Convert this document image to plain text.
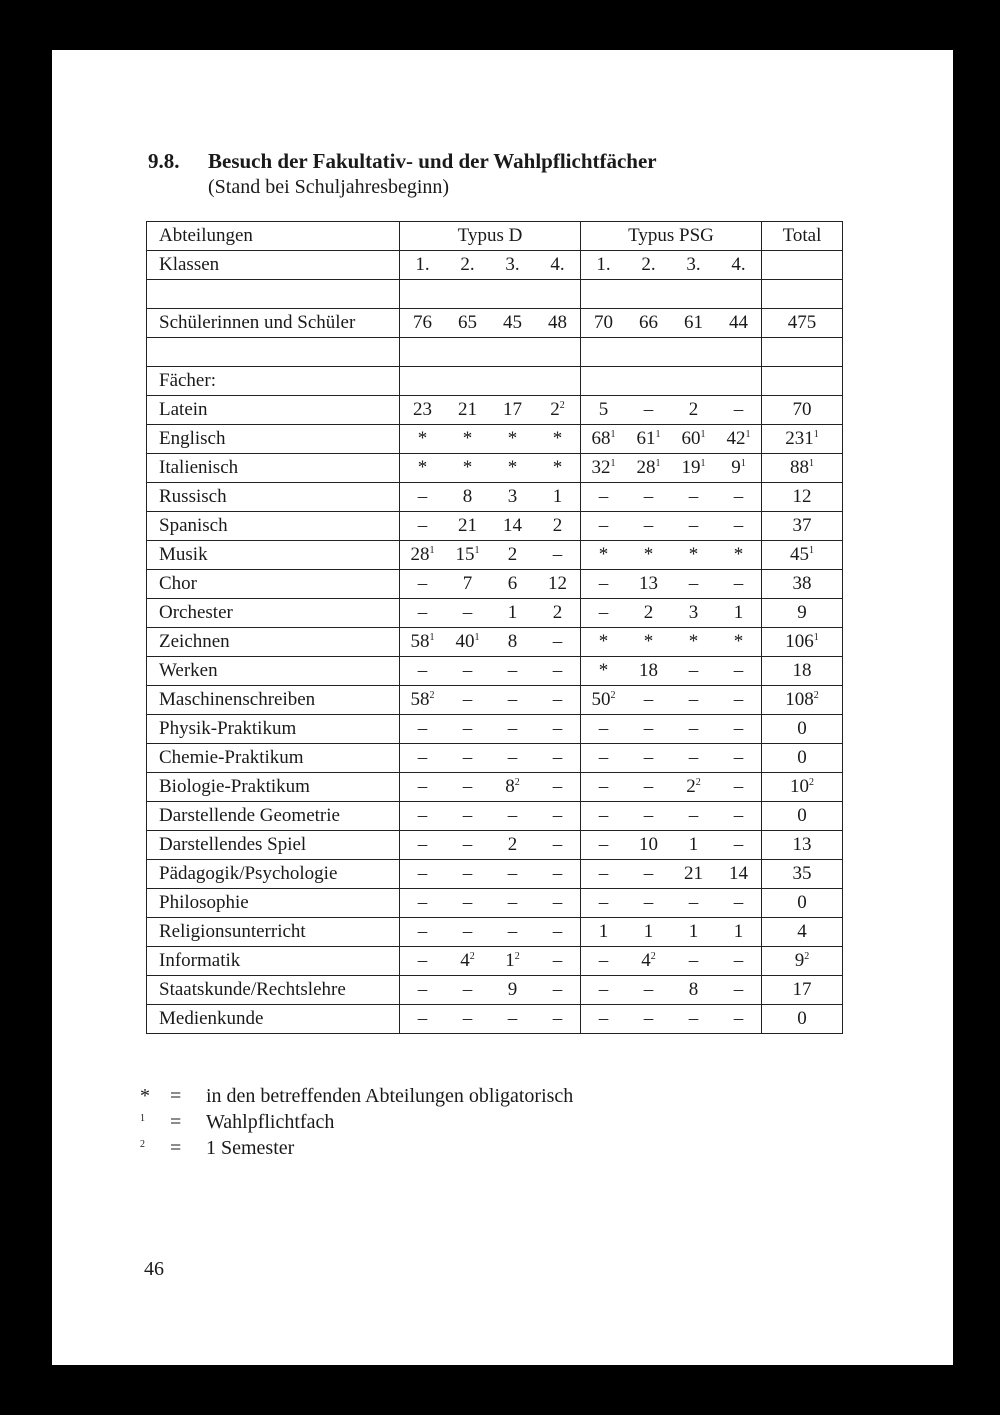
9.8. Besuch der Fakultativ- und der Wahlpflichtfächer
(Stand bei Schuljahresbeginn)
Abteilungen	Typus D				Typus PSG				Total
Klassen	1.	2.	3.	4.	1.	2.	3.	4.	

Schülerinnen und Schüler	76	65	45	48	70	66	61	44	475

Fächer:									
Latein	23	21	17	$2^2$	5	–	2	–	70
Englisch	*	*	*	*	$68^1$	$61^1$	$60^1$	$42^1$	$231^1$
Italienisch	*	*	*	*	$32^1$	$28^1$	$19^1$	$9^1$	$88^1$
Russisch	–	8	3	1	–	–	–	–	12
Spanisch	–	21	14	2	–	–	–	–	37
Musik	$28^1$	$15^1$	2	–	*	*	*	*	$45^1$
Chor	–	7	6	12	–	13	–	–	38
Orchester	–	–	1	2	–	2	3	1	9
Zeichnen	$58^1$	$40^1$	8	–	*	*	*	*	$106^1$
Werken	–	–	–	–	*	18	–	–	18
Maschinenschreiben	$58^2$	–	–	–	$50^2$	–	–	–	$108^2$
Physik-Praktikum	–	–	–	–	–	–	–	–	0
Chemie-Praktikum	–	–	–	–	–	–	–	–	0
Biologie-Praktikum	–	–	$8^2$	–	–	–	$2^2$	–	$10^2$
Darstellende Geometrie	–	–	–	–	–	–	–	–	0
Darstellendes Spiel	–	–	2	–	–	10	1	–	13
Pädagogik/Psychologie	–	–	–	–	–	–	21	14	35
Philosophie	–	–	–	–	–	–	–	–	0
Religionsunterricht	–	–	–	–	1	1	1	1	4
Informatik	–	$4^2$	$1^2$	–	–	$4^2$	–	–	$9^2$
Staatskunde/Rechtslehre	–	–	9	–	–	–	8	–	17
Medienkunde	–	–	–	–	–	–	–	–	0
* = in den betreffenden Abteilungen obligatorisch
$^1$ = Wahlpflichtfach
$^2$ = 1 Semester
46
